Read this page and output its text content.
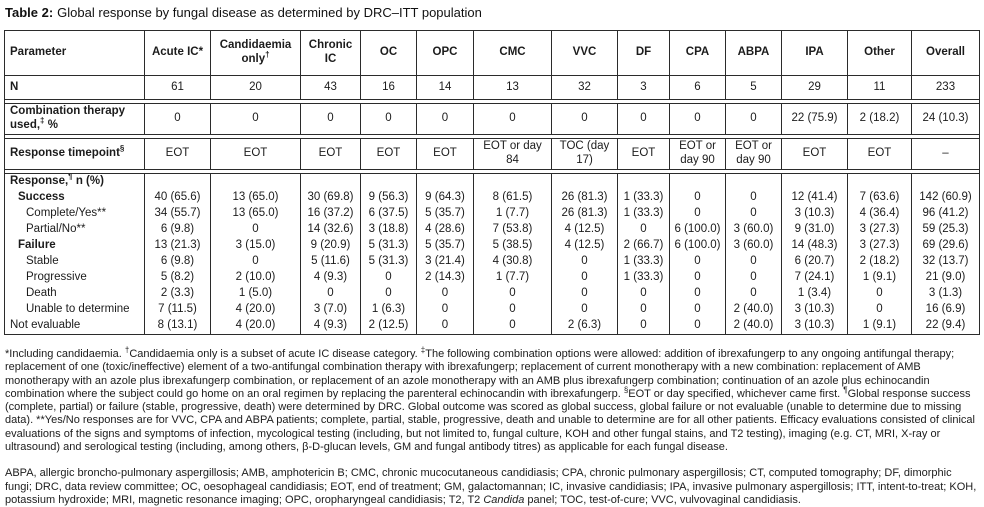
Table 2: Global response by fungal disease as determined by DRC–ITT population
Parameter	Acute IC*	Candidaemia only†	Chronic IC	OC	OPC	CMC	VVC	DF	CPA	ABPA	IPA	Other	Overall
N	61	20	43	16	14	13	32	3	6	5	29	11	233

Combination therapy used,‡ %	0	0	0	0	0	0	0	0	0	0	22 (75.9)	2 (18.2)	24 (10.3)

Response timepoint§	EOT	EOT	EOT	EOT	EOT	EOT or day 84	TOC (day 17)	EOT	EOT or day 90	EOT or day 90	EOT	EOT	–

Response,¶ n (%)													
Success	40 (65.6)	13 (65.0)	30 (69.8)	9 (56.3)	9 (64.3)	8 (61.5)	26 (81.3)	1 (33.3)	0	0	12 (41.4)	7 (63.6)	142 (60.9)
Complete/Yes**	34 (55.7)	13 (65.0)	16 (37.2)	6 (37.5)	5 (35.7)	1 (7.7)	26 (81.3)	1 (33.3)	0	0	3 (10.3)	4 (36.4)	96 (41.2)
Partial/No**	6 (9.8)	0	14 (32.6)	3 (18.8)	4 (28.6)	7 (53.8)	4 (12.5)	0	6 (100.0)	3 (60.0)	9 (31.0)	3 (27.3)	59 (25.3)
Failure	13 (21.3)	3 (15.0)	9 (20.9)	5 (31.3)	5 (35.7)	5 (38.5)	4 (12.5)	2 (66.7)	6 (100.0)	3 (60.0)	14 (48.3)	3 (27.3)	69 (29.6)
Stable	6 (9.8)	0	5 (11.6)	5 (31.3)	3 (21.4)	4 (30.8)	0	1 (33.3)	0	0	6 (20.7)	2 (18.2)	32 (13.7)
Progressive	5 (8.2)	2 (10.0)	4 (9.3)	0	2 (14.3)	1 (7.7)	0	1 (33.3)	0	0	7 (24.1)	1 (9.1)	21 (9.0)
Death	2 (3.3)	1 (5.0)	0	0	0	0	0	0	0	0	1 (3.4)	0	3 (1.3)
Unable to determine	7 (11.5)	4 (20.0)	3 (7.0)	1 (6.3)	0	0	0	0	0	2 (40.0)	3 (10.3)	0	16 (6.9)
Not evaluable	8 (13.1)	4 (20.0)	4 (9.3)	2 (12.5)	0	0	2 (6.3)	0	0	2 (40.0)	3 (10.3)	1 (9.1)	22 (9.4)

*Including candidaemia. †Candidaemia only is a subset of acute IC disease category. ‡The following combination options were allowed: addition of ibrexafungerp to any ongoing antifungal therapy; replacement of one (toxic/ineffective) element of a two-antifungal combination therapy with ibrexafungerp; replacement of current monotherapy with a new combination: replacement of AMB monotherapy with an azole plus ibrexafungerp combination, or replacement of an azole monotherapy with an AMB plus ibrexafungerp combination; continuation of an azole plus echinocandin combination where the subject could go home on an oral regimen by replacing the parenteral echinocandin with ibrexafungerp. §EOT or day specified, whichever came first. ¶Global response success (complete, partial) or failure (stable, progressive, death) were determined by DRC. Global outcome was scored as global success, global failure or not evaluable (unable to determine due to missing data). **Yes/No responses are for VVC, CPA and ABPA patients; complete, partial, stable, progressive, death and unable to determine are for all other patients. Efficacy evaluations consisted of clinical evaluations of the signs and symptoms of infection, mycological testing (including, but not limited to, fungal culture, KOH and other fungal stains, and T2 testing), imaging (e.g. CT, MRI, X-ray or ultrasound) and serological testing (including, among others, β-D-glucan levels, GM and fungal antibody titres) as applicable for each fungal disease.

ABPA, allergic broncho-pulmonary aspergillosis; AMB, amphotericin B; CMC, chronic mucocutaneous candidiasis; CPA, chronic pulmonary aspergillosis; CT, computed tomography; DF, dimorphic fungi; DRC, data review committee; OC, oesophageal candidiasis; EOT, end of treatment; GM, galactomannan; IC, invasive candidiasis; IPA, invasive pulmonary aspergillosis; ITT, intent-to-treat; KOH, potassium hydroxide; MRI, magnetic resonance imaging; OPC, oropharyngeal candidiasis; T2, T2 Candida panel; TOC, test-of-cure; VVC, vulvovaginal candidiasis.
